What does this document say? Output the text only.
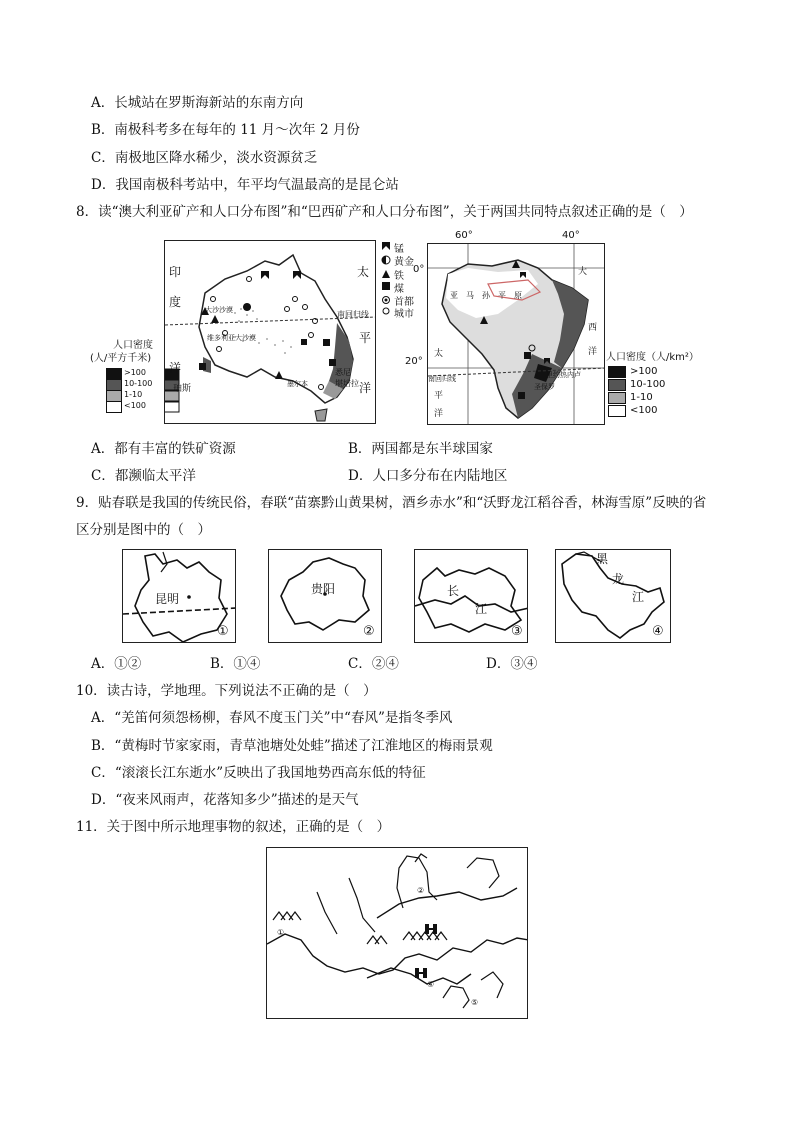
A．长城站在罗斯海新站的东南方向
B．南极科考多在每年的 11 月～次年 2 月份
C．南极地区降水稀少，淡水资源贫乏
D．我国南极科考站中，年平均气温最高的是昆仑站
8．读“澳大利亚矿产和人口分布图”和“巴西矿产和人口分布图”，关于两国共同特点叙述正确的是（　）
印
度
洋
太
平
洋
大沙沙漠
维多利亚大沙漠
南回归线
珀斯
悉尼
堪培拉
墨尔本
人口密度
(人/平方千米)
>100
10-100
1-10
<100
锰
黄金
铁
煤
首都
城市
60°	40°
0°
20°
大
西
洋
亚　马　孙　平　原
太
平
洋
南回归线	里约热内卢
圣保罗
人口密度（人/km²）
>100
10-100
1-10
<100
A．都有丰富的铁矿资源	B．两国都是东半球国家
C．都濒临太平洋	D．人口多分布在内陆地区
9．贴春联是我国的传统民俗，春联“苗寨黔山黄果树，酒乡赤水”和“沃野龙江稻谷香，林海雪原”反映的省
区分别是图中的（　）
昆明
①
贵阳
②
长
江
③
黑
龙
江
④
A．①②	B．①④	C．②④	D．③④
10．读古诗，学地理。下列说法不正确的是（　）
A．“羌笛何须怨杨柳，春风不度玉门关”中“春风”是指冬季风
B．“黄梅时节家家雨，青草池塘处处蛙”描述了江淮地区的梅雨景观
C．“滚滚长江东逝水”反映出了我国地势西高东低的特征
D．“夜来风雨声，花落知多少”描述的是天气
11．关于图中所示地理事物的叙述，正确的是（　）
①
②
④
⑤
